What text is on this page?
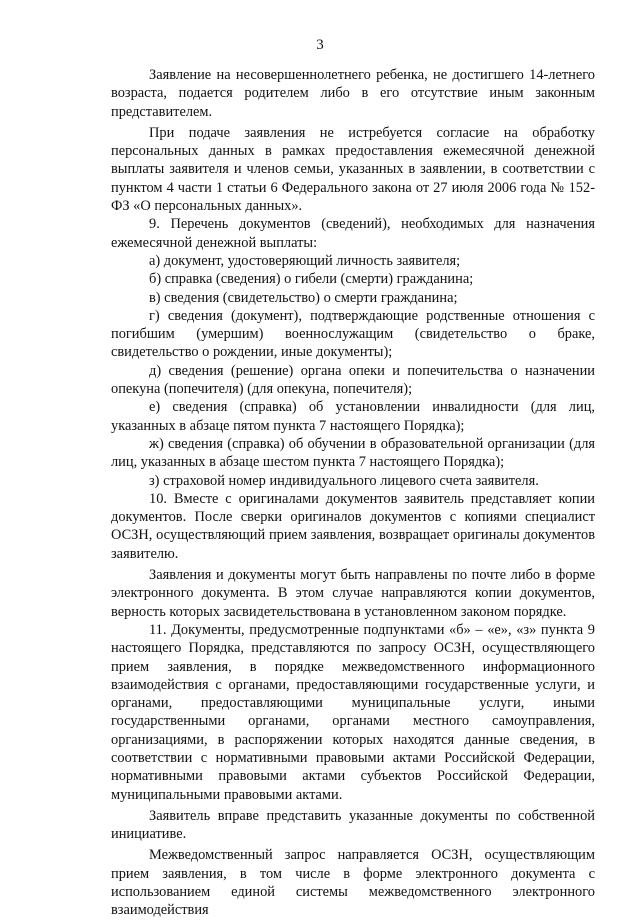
3

Заявление на несовершеннолетнего ребенка, не достигшего 14-летнего возраста, подается родителем либо в его отсутствие иным законным представителем.

При подаче заявления не истребуется согласие на обработку персональных данных в рамках предоставления ежемесячной денежной выплаты заявителя и членов семьи, указанных в заявлении, в соответствии с пунктом 4 части 1 статьи 6 Федерального закона от 27 июля 2006 года № 152-ФЗ «О персональных данных».

9. Перечень документов (сведений), необходимых для назначения ежемесячной денежной выплаты:

а) документ, удостоверяющий личность заявителя;

б) справка (сведения) о гибели (смерти) гражданина;

в) сведения (свидетельство) о смерти гражданина;

г) сведения (документ), подтверждающие родственные отношения с погибшим (умершим) военнослужащим (свидетельство о браке, свидетельство о рождении, иные документы);

д) сведения (решение) органа опеки и попечительства о назначении опекуна (попечителя) (для опекуна, попечителя);

е) сведения (справка) об установлении инвалидности (для лиц, указанных в абзаце пятом пункта 7 настоящего Порядка);

ж) сведения (справка) об обучении в образовательной организации (для лиц, указанных в абзаце шестом пункта 7 настоящего Порядка);

з) страховой номер индивидуального лицевого счета заявителя.

10. Вместе с оригиналами документов заявитель представляет копии документов. После сверки оригиналов документов с копиями специалист ОСЗН, осуществляющий прием заявления, возвращает оригиналы документов заявителю.

Заявления и документы могут быть направлены по почте либо в форме электронного документа. В этом случае направляются копии документов, верность которых засвидетельствована в установленном законом порядке.

11. Документы, предусмотренные подпунктами «б» – «е», «з» пункта 9 настоящего Порядка, представляются по запросу ОСЗН, осуществляющего прием заявления, в порядке межведомственного информационного взаимодействия с органами, предоставляющими государственные услуги, и органами, предоставляющими муниципальные услуги, иными государственными органами, органами местного самоуправления, организациями, в распоряжении которых находятся данные сведения, в соответствии с нормативными правовыми актами Российской Федерации, нормативными правовыми актами субъектов Российской Федерации, муниципальными правовыми актами.

Заявитель вправе представить указанные документы по собственной инициативе.

Межведомственный запрос направляется ОСЗН, осуществляющим прием заявления, в том числе в форме электронного документа с использованием единой системы межведомственного электронного взаимодействия
